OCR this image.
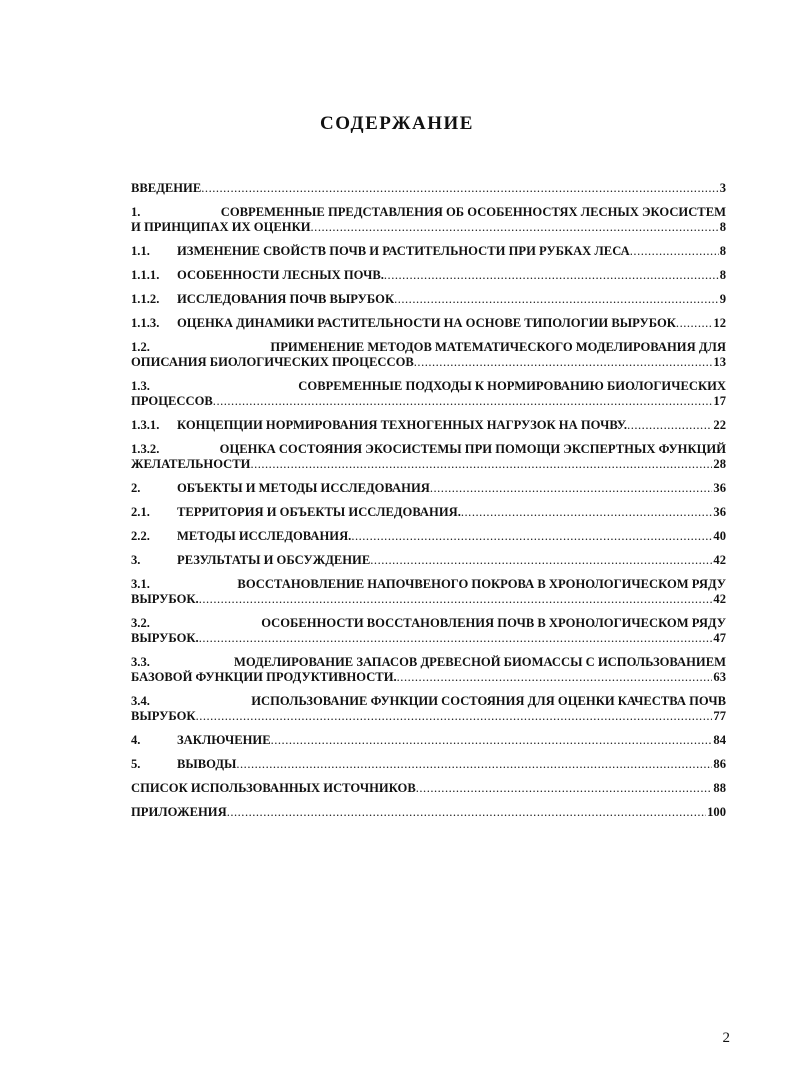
СОДЕРЖАНИЕ
ВВЕДЕНИЕ .....	3
1.	СОВРЕМЕННЫЕ ПРЕДСТАВЛЕНИЯ ОБ ОСОБЕННОСТЯХ ЛЕСНЫХ ЭКОСИСТЕМ
И ПРИНЦИПАХ ИХ ОЦЕНКИ .....	8
1.1.	ИЗМЕНЕНИЕ СВОЙСТВ ПОЧВ И РАСТИТЕЛЬНОСТИ ПРИ РУБКАХ ЛЕСА .....	8
1.1.1.	ОСОБЕННОСТИ ЛЕСНЫХ ПОЧВ. .....	8
1.1.2.	ИССЛЕДОВАНИЯ ПОЧВ ВЫРУБОК .....	9
1.1.3.	ОЦЕНКА ДИНАМИКИ РАСТИТЕЛЬНОСТИ НА ОСНОВЕ ТИПОЛОГИИ ВЫРУБОК .....	12
1.2.	ПРИМЕНЕНИЕ МЕТОДОВ МАТЕМАТИЧЕСКОГО МОДЕЛИРОВАНИЯ ДЛЯ
ОПИСАНИЯ БИОЛОГИЧЕСКИХ ПРОЦЕССОВ .....	13
1.3.	СОВРЕМЕННЫЕ ПОДХОДЫ К НОРМИРОВАНИЮ БИОЛОГИЧЕСКИХ
ПРОЦЕССОВ .....	17
1.3.1.	КОНЦЕПЦИИ НОРМИРОВАНИЯ ТЕХНОГЕННЫХ НАГРУЗОК НА ПОЧВУ. .....	22
1.3.2.	ОЦЕНКА СОСТОЯНИЯ ЭКОСИСТЕМЫ ПРИ ПОМОЩИ ЭКСПЕРТНЫХ ФУНКЦИЙ
ЖЕЛАТЕЛЬНОСТИ .....	28
2.	ОБЪЕКТЫ И МЕТОДЫ ИССЛЕДОВАНИЯ .....	36
2.1.	ТЕРРИТОРИЯ И ОБЪЕКТЫ ИССЛЕДОВАНИЯ. .....	36
2.2.	МЕТОДЫ ИССЛЕДОВАНИЯ. .....	40
3.	РЕЗУЛЬТАТЫ И ОБСУЖДЕНИЕ .....	42
3.1.	ВОССТАНОВЛЕНИЕ НАПОЧВЕНОГО ПОКРОВА В ХРОНОЛОГИЧЕСКОМ РЯДУ
ВЫРУБОК. .....	42
3.2.	ОСОБЕННОСТИ ВОССТАНОВЛЕНИЯ ПОЧВ В ХРОНОЛОГИЧЕСКОМ РЯДУ
ВЫРУБОК. .....	47
3.3.	МОДЕЛИРОВАНИЕ ЗАПАСОВ ДРЕВЕСНОЙ БИОМАССЫ С ИСПОЛЬЗОВАНИЕМ
БАЗОВОЙ ФУНКЦИИ ПРОДУКТИВНОСТИ. .....	63
3.4.	ИСПОЛЬЗОВАНИЕ ФУНКЦИИ СОСТОЯНИЯ ДЛЯ ОЦЕНКИ КАЧЕСТВА ПОЧВ
ВЫРУБОК .....	77
4.	ЗАКЛЮЧЕНИЕ .....	84
5.	ВЫВОДЫ .....	86
СПИСОК ИСПОЛЬЗОВАННЫХ ИСТОЧНИКОВ .....	88
ПРИЛОЖЕНИЯ .....	100
2
